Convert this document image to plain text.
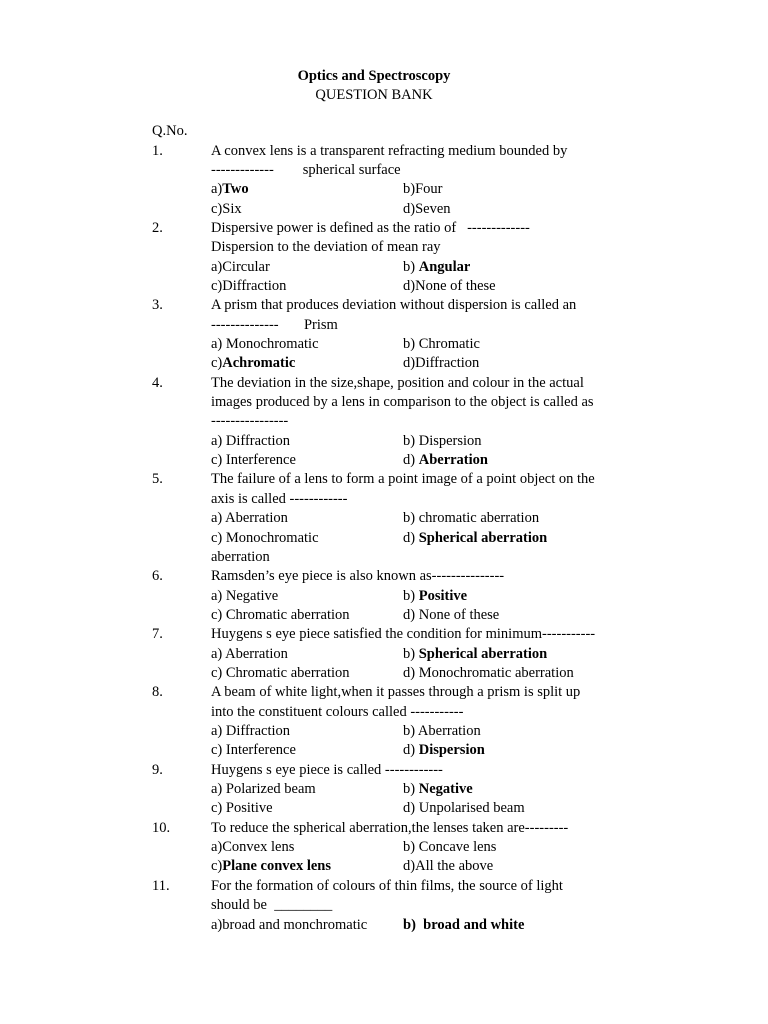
Optics and Spectroscopy
QUESTION BANK
Q.No.
1.	A convex lens is a transparent refracting medium bounded by
-------------        spherical surface
a)Two	b)Four
c)Six	d)Seven
2.	Dispersive power is defined as the ratio of   -------------
Dispersion to the deviation of mean ray
a)Circular	b) Angular
c)Diffraction	d)None of these
3.	A prism that produces deviation without dispersion is called an
--------------       Prism
a) Monochromatic	b) Chromatic
c)Achromatic	d)Diffraction
4.	The deviation in the size,shape, position and colour in the actual
images produced by a lens in comparison to the object is called as
----------------
a) Diffraction	b) Dispersion
c) Interference	d) Aberration
5.	The failure of a lens to form a point image of a point object on the
axis is called ------------
a) Aberration	b) chromatic aberration
c) Monochromatic	d) Spherical aberration
aberration
6.	Ramsden’s eye piece is also known as---------------
a) Negative	b) Positive
c) Chromatic aberration	d) None of these
7.	Huygens s eye piece satisfied the condition for minimum-----------
a) Aberration	b) Spherical aberration
c) Chromatic aberration	d) Monochromatic aberration
8.	A beam of white light,when it passes through a prism is split up
into the constituent colours called -----------
a) Diffraction	b) Aberration
c) Interference	d) Dispersion
9.	Huygens s eye piece is called ------------
a) Polarized beam	b) Negative
c) Positive	d) Unpolarised beam
10.	To reduce the spherical aberration,the lenses taken are---------
a)Convex lens	b) Concave lens
c)Plane convex lens	d)All the above
11.	For the formation of colours of thin films, the source of light
should be  ________
a)broad and monchromatic b)  broad and white
